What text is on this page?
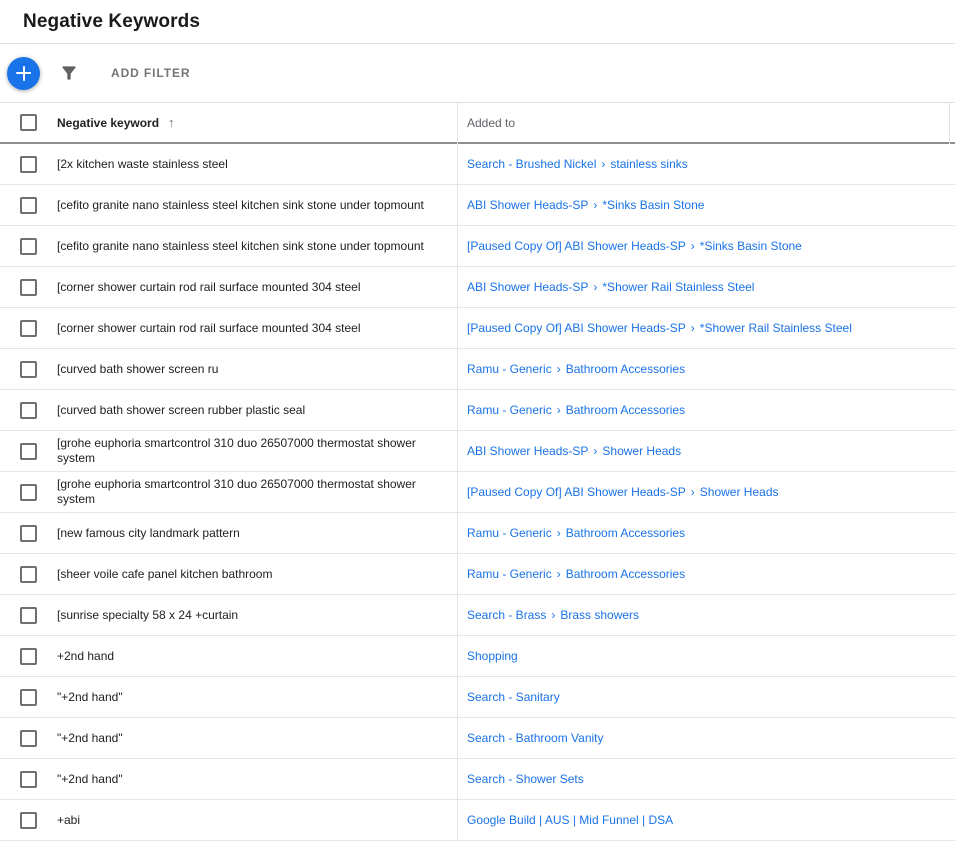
Negative Keywords
ADD FILTER
Negative keyword ↑	Added to
[2x kitchen waste stainless steel	Search - Brushed Nickel › stainless sinks
[cefito granite nano stainless steel kitchen sink stone under topmount	ABI Shower Heads-SP › *Sinks Basin Stone
[cefito granite nano stainless steel kitchen sink stone under topmount	[Paused Copy Of] ABI Shower Heads-SP › *Sinks Basin Stone
[corner shower curtain rod rail surface mounted 304 steel	ABI Shower Heads-SP › *Shower Rail Stainless Steel
[corner shower curtain rod rail surface mounted 304 steel	[Paused Copy Of] ABI Shower Heads-SP › *Shower Rail Stainless Steel
[curved bath shower screen ru	Ramu - Generic › Bathroom Accessories
[curved bath shower screen rubber plastic seal	Ramu - Generic › Bathroom Accessories
[grohe euphoria smartcontrol 310 duo 26507000 thermostat shower system	ABI Shower Heads-SP › Shower Heads
[grohe euphoria smartcontrol 310 duo 26507000 thermostat shower system	[Paused Copy Of] ABI Shower Heads-SP › Shower Heads
[new famous city landmark pattern	Ramu - Generic › Bathroom Accessories
[sheer voile cafe panel kitchen bathroom	Ramu - Generic › Bathroom Accessories
[sunrise specialty 58 x 24 +curtain	Search - Brass › Brass showers
+2nd hand	Shopping
"+2nd hand"	Search - Sanitary
"+2nd hand"	Search - Bathroom Vanity
"+2nd hand"	Search - Shower Sets
+abi	Google Build | AUS | Mid Funnel | DSA
